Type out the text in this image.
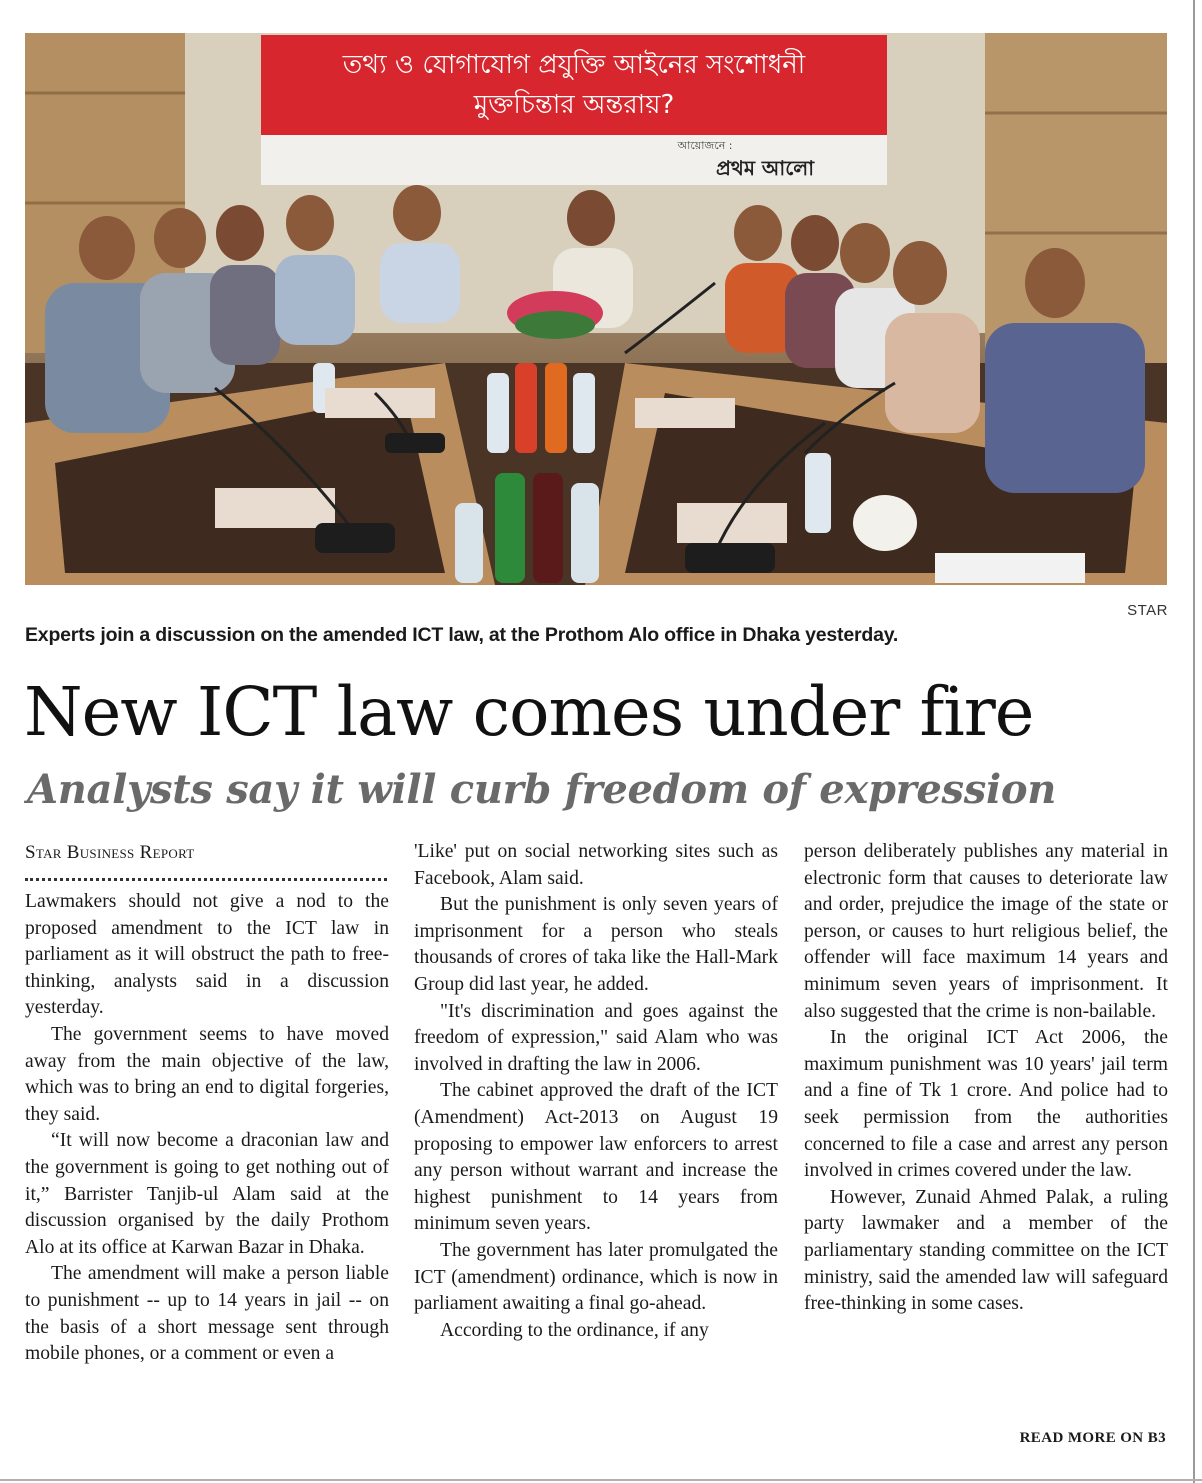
তথ্য ও যোগাযোগ প্রযুক্তি আইনের সংশোধনী
মুক্তচিন্তার অন্তরায়?
আয়োজনে :
প্রথম আলো
STAR
Experts join a discussion on the amended ICT law, at the Prothom Alo office in Dhaka yesterday.
New ICT law comes under fire
Analysts say it will curb freedom of expression
Star Business Report

Lawmakers should not give a nod to the proposed amendment to the ICT law in parliament as it will obstruct the path to free-thinking, analysts said in a discussion yesterday.

The government seems to have moved away from the main objective of the law, which was to bring an end to digital forgeries, they said.

“It will now become a draconian law and the government is going to get nothing out of it,” Barrister Tanjib-ul Alam said at the discussion organised by the daily Prothom Alo at its office at Karwan Bazar in Dhaka.

The amendment will make a person liable to punishment -- up to 14 years in jail -- on the basis of a short message sent through mobile phones, or a comment or even a

'Like' put on social networking sites such as Facebook, Alam said.

But the punishment is only seven years of imprisonment for a person who steals thousands of crores of taka like the Hall-Mark Group did last year, he added.

"It's discrimination and goes against the freedom of expression," said Alam who was involved in drafting the law in 2006.

The cabinet approved the draft of the ICT (Amendment) Act-2013 on August 19 proposing to empower law enforcers to arrest any person without warrant and increase the highest punishment to 14 years from minimum seven years.

The government has later promulgated the ICT (amendment) ordinance, which is now in parliament awaiting a final go-ahead.

According to the ordinance, if any

person deliberately publishes any material in electronic form that causes to deteriorate law and order, prejudice the image of the state or person, or causes to hurt religious belief, the offender will face maximum 14 years and minimum seven years of imprisonment. It also suggested that the crime is non-bailable.

In the original ICT Act 2006, the maximum punishment was 10 years' jail term and a fine of Tk 1 crore. And police had to seek permission from the authorities concerned to file a case and arrest any person involved in crimes covered under the law.

However, Zunaid Ahmed Palak, a ruling party lawmaker and a member of the parliamentary standing committee on the ICT ministry, said the amended law will safeguard free-thinking in some cases.

READ MORE ON B3
